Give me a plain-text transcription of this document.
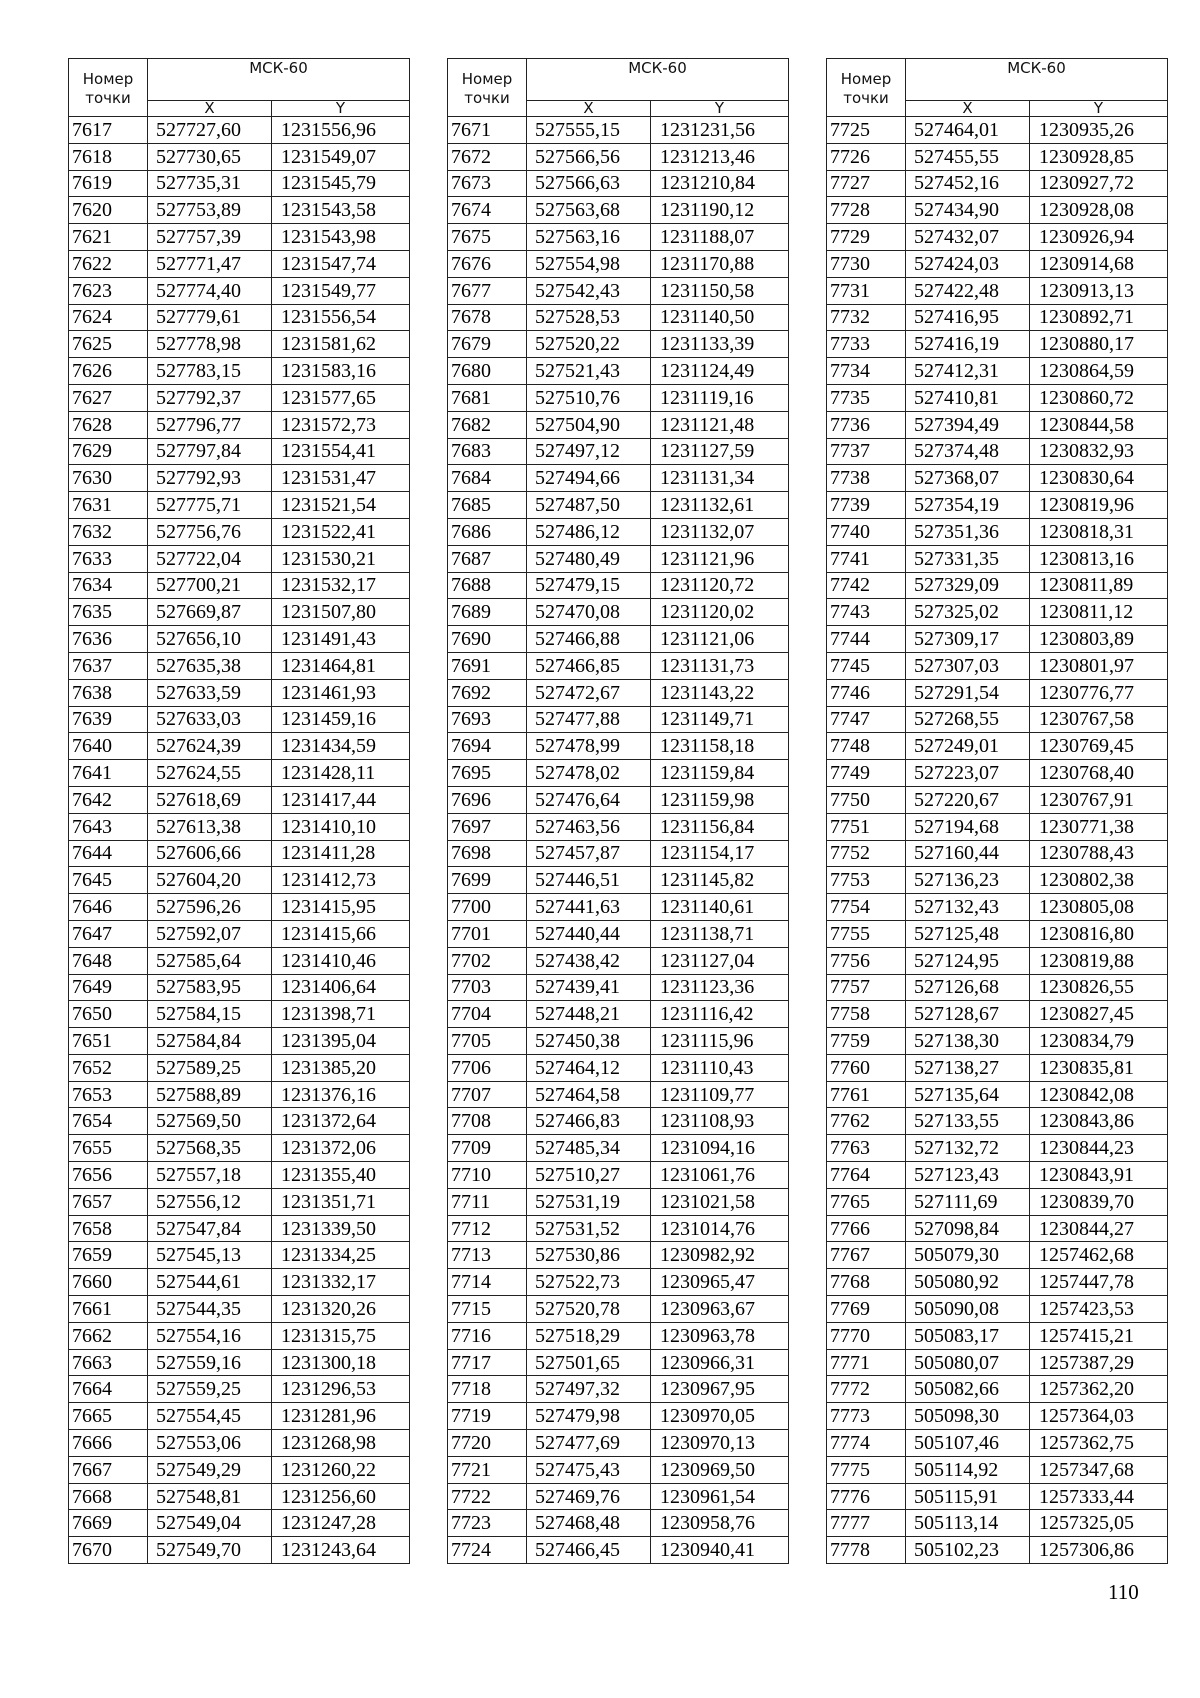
Номер точки	МСК-60	
	X	Y
7617	527727,60	1231556,96
7618	527730,65	1231549,07
7619	527735,31	1231545,79
7620	527753,89	1231543,58
7621	527757,39	1231543,98
7622	527771,47	1231547,74
7623	527774,40	1231549,77
7624	527779,61	1231556,54
7625	527778,98	1231581,62
7626	527783,15	1231583,16
7627	527792,37	1231577,65
7628	527796,77	1231572,73
7629	527797,84	1231554,41
7630	527792,93	1231531,47
7631	527775,71	1231521,54
7632	527756,76	1231522,41
7633	527722,04	1231530,21
7634	527700,21	1231532,17
7635	527669,87	1231507,80
7636	527656,10	1231491,43
7637	527635,38	1231464,81
7638	527633,59	1231461,93
7639	527633,03	1231459,16
7640	527624,39	1231434,59
7641	527624,55	1231428,11
7642	527618,69	1231417,44
7643	527613,38	1231410,10
7644	527606,66	1231411,28
7645	527604,20	1231412,73
7646	527596,26	1231415,95
7647	527592,07	1231415,66
7648	527585,64	1231410,46
7649	527583,95	1231406,64
7650	527584,15	1231398,71
7651	527584,84	1231395,04
7652	527589,25	1231385,20
7653	527588,89	1231376,16
7654	527569,50	1231372,64
7655	527568,35	1231372,06
7656	527557,18	1231355,40
7657	527556,12	1231351,71
7658	527547,84	1231339,50
7659	527545,13	1231334,25
7660	527544,61	1231332,17
7661	527544,35	1231320,26
7662	527554,16	1231315,75
7663	527559,16	1231300,18
7664	527559,25	1231296,53
7665	527554,45	1231281,96
7666	527553,06	1231268,98
7667	527549,29	1231260,22
7668	527548,81	1231256,60
7669	527549,04	1231247,28
7670	527549,70	1231243,64
Номер точки	МСК-60	
	X	Y
7671	527555,15	1231231,56
7672	527566,56	1231213,46
7673	527566,63	1231210,84
7674	527563,68	1231190,12
7675	527563,16	1231188,07
7676	527554,98	1231170,88
7677	527542,43	1231150,58
7678	527528,53	1231140,50
7679	527520,22	1231133,39
7680	527521,43	1231124,49
7681	527510,76	1231119,16
7682	527504,90	1231121,48
7683	527497,12	1231127,59
7684	527494,66	1231131,34
7685	527487,50	1231132,61
7686	527486,12	1231132,07
7687	527480,49	1231121,96
7688	527479,15	1231120,72
7689	527470,08	1231120,02
7690	527466,88	1231121,06
7691	527466,85	1231131,73
7692	527472,67	1231143,22
7693	527477,88	1231149,71
7694	527478,99	1231158,18
7695	527478,02	1231159,84
7696	527476,64	1231159,98
7697	527463,56	1231156,84
7698	527457,87	1231154,17
7699	527446,51	1231145,82
7700	527441,63	1231140,61
7701	527440,44	1231138,71
7702	527438,42	1231127,04
7703	527439,41	1231123,36
7704	527448,21	1231116,42
7705	527450,38	1231115,96
7706	527464,12	1231110,43
7707	527464,58	1231109,77
7708	527466,83	1231108,93
7709	527485,34	1231094,16
7710	527510,27	1231061,76
7711	527531,19	1231021,58
7712	527531,52	1231014,76
7713	527530,86	1230982,92
7714	527522,73	1230965,47
7715	527520,78	1230963,67
7716	527518,29	1230963,78
7717	527501,65	1230966,31
7718	527497,32	1230967,95
7719	527479,98	1230970,05
7720	527477,69	1230970,13
7721	527475,43	1230969,50
7722	527469,76	1230961,54
7723	527468,48	1230958,76
7724	527466,45	1230940,41
Номер точки	МСК-60	
	X	Y
7725	527464,01	1230935,26
7726	527455,55	1230928,85
7727	527452,16	1230927,72
7728	527434,90	1230928,08
7729	527432,07	1230926,94
7730	527424,03	1230914,68
7731	527422,48	1230913,13
7732	527416,95	1230892,71
7733	527416,19	1230880,17
7734	527412,31	1230864,59
7735	527410,81	1230860,72
7736	527394,49	1230844,58
7737	527374,48	1230832,93
7738	527368,07	1230830,64
7739	527354,19	1230819,96
7740	527351,36	1230818,31
7741	527331,35	1230813,16
7742	527329,09	1230811,89
7743	527325,02	1230811,12
7744	527309,17	1230803,89
7745	527307,03	1230801,97
7746	527291,54	1230776,77
7747	527268,55	1230767,58
7748	527249,01	1230769,45
7749	527223,07	1230768,40
7750	527220,67	1230767,91
7751	527194,68	1230771,38
7752	527160,44	1230788,43
7753	527136,23	1230802,38
7754	527132,43	1230805,08
7755	527125,48	1230816,80
7756	527124,95	1230819,88
7757	527126,68	1230826,55
7758	527128,67	1230827,45
7759	527138,30	1230834,79
7760	527138,27	1230835,81
7761	527135,64	1230842,08
7762	527133,55	1230843,86
7763	527132,72	1230844,23
7764	527123,43	1230843,91
7765	527111,69	1230839,70
7766	527098,84	1230844,27
7767	505079,30	1257462,68
7768	505080,92	1257447,78
7769	505090,08	1257423,53
7770	505083,17	1257415,21
7771	505080,07	1257387,29
7772	505082,66	1257362,20
7773	505098,30	1257364,03
7774	505107,46	1257362,75
7775	505114,92	1257347,68
7776	505115,91	1257333,44
7777	505113,14	1257325,05
7778	505102,23	1257306,86
110
